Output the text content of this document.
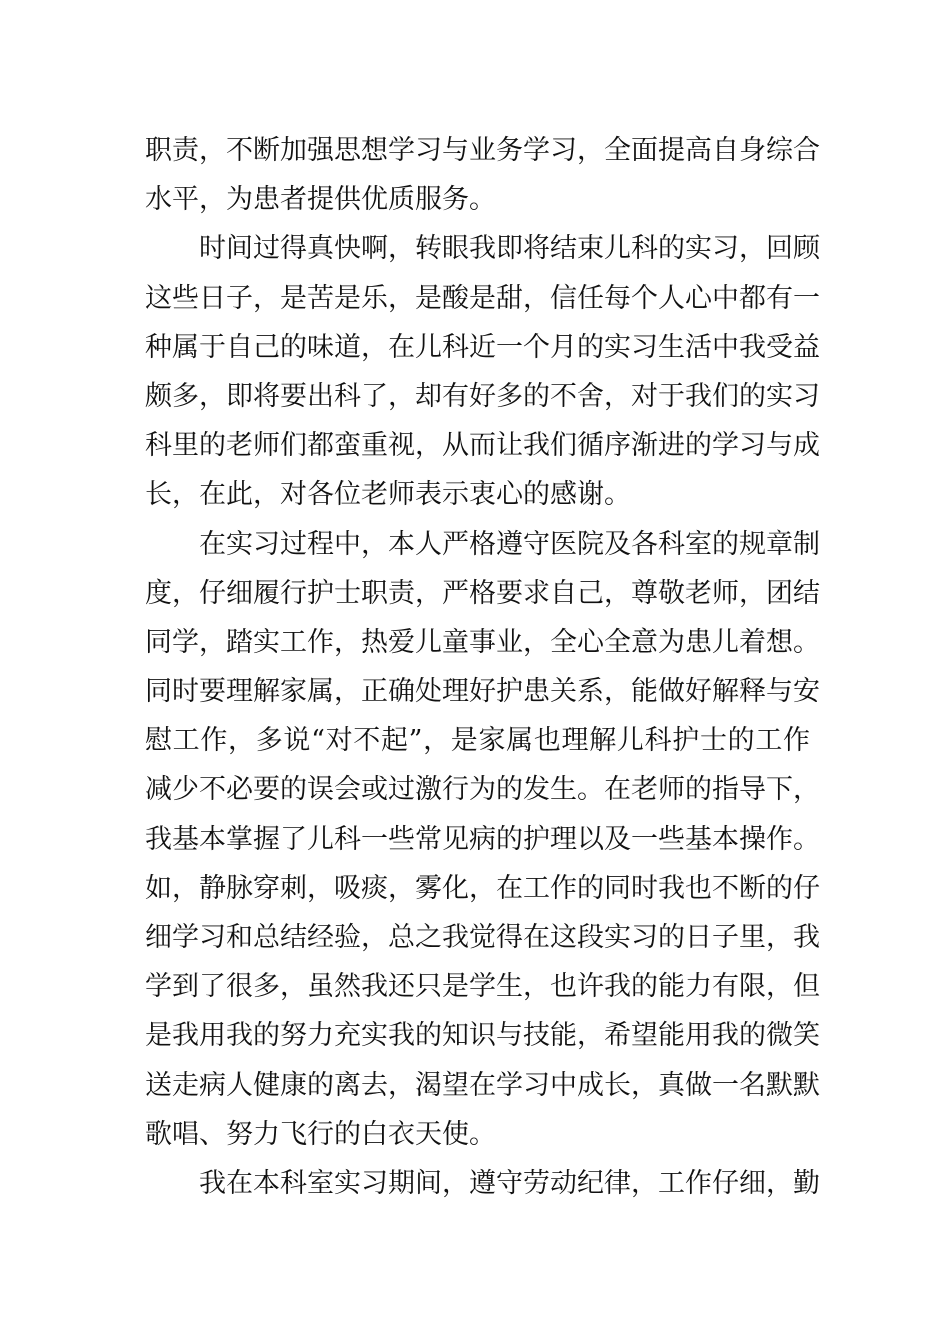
职责，不断加强思想学习与业务学习，全面提高自身综合
水平，为患者提供优质服务。
时间过得真快啊，转眼我即将结束儿科的实习，回顾
这些日子，是苦是乐，是酸是甜，信任每个人心中都有一
种属于自己的味道，在儿科近一个月的实习生活中我受益
颇多，即将要出科了，却有好多的不舍，对于我们的实习
科里的老师们都蛮重视，从而让我们循序渐进的学习与成
长，在此，对各位老师表示衷心的感谢。
在实习过程中，本人严格遵守医院及各科室的规章制
度，仔细履行护士职责，严格要求自己，尊敬老师，团结
同学，踏实工作，热爱儿童事业，全心全意为患儿着想。
同时要理解家属，正确处理好护患关系，能做好解释与安
慰工作，多说“对不起”，是家属也理解儿科护士的工作
减少不必要的误会或过激行为的发生。在老师的指导下，
我基本掌握了儿科一些常见病的护理以及一些基本操作。
如，静脉穿刺，吸痰，雾化，在工作的同时我也不断的仔
细学习和总结经验，总之我觉得在这段实习的日子里，我
学到了很多，虽然我还只是学生，也许我的能力有限，但
是我用我的努力充实我的知识与技能，希望能用我的微笑
送走病人健康的离去，渴望在学习中成长，真做一名默默
歌唱、努力飞行的白衣天使。
我在本科室实习期间，遵守劳动纪律，工作仔细，勤
